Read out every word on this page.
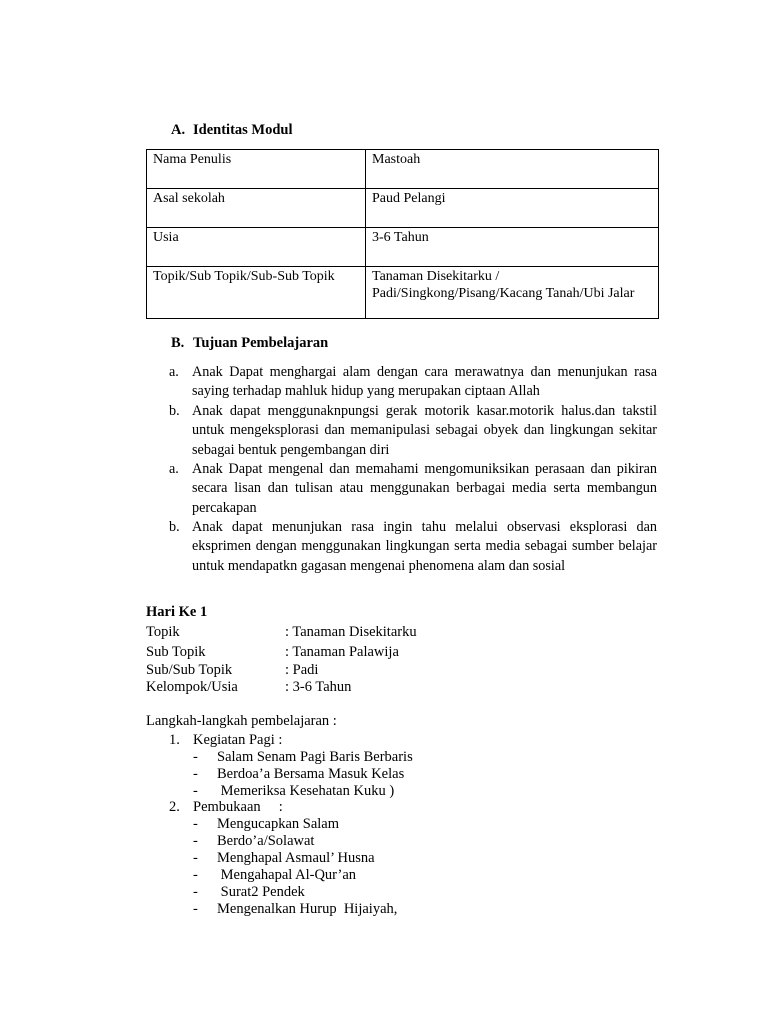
A. Identitas Modul
Nama Penulis	Mastoah
Asal sekolah	Paud Pelangi
Usia	3-6 Tahun
Topik/Sub Topik/Sub-Sub Topik	Tanaman Disekitarku / Padi/Singkong/Pisang/Kacang Tanah/Ubi Jalar
B. Tujuan Pembelajaran
a. Anak Dapat menghargai alam dengan cara merawatnya dan menunjukan rasa saying terhadap mahluk hidup yang merupakan ciptaan Allah
b. Anak dapat menggunaknpungsi gerak motorik kasar.motorik halus.dan takstil untuk mengeksplorasi dan memanipulasi sebagai obyek dan lingkungan sekitar sebagai bentuk pengembangan diri
a. Anak Dapat mengenal dan memahami mengomuniksikan perasaan dan pikiran secara lisan dan tulisan atau menggunakan berbagai media serta membangun percakapan
b. Anak dapat menunjukan rasa ingin tahu melalui observasi eksplorasi dan eksprimen dengan menggunakan lingkungan serta media sebagai sumber belajar untuk mendapatkn gagasan mengenai phenomena alam dan sosial
Hari Ke 1
Topik	: Tanaman Disekitarku
Sub Topik	: Tanaman Palawija
Sub/Sub Topik	: Padi
Kelompok/Usia	: 3-6 Tahun
Langkah-langkah pembelajaran :
1. Kegiatan Pagi :
- Salam Senam Pagi Baris Berbaris
- Berdoa’a Bersama Masuk Kelas
- Memeriksa Kesehatan Kuku )
2. Pembukaan     :
- Mengucapkan Salam
- Berdo’a/Solawat
- Menghapal Asmaul’ Husna
- Mengahapal Al-Qur’an
- Surat2 Pendek
- Mengenalkan Hurup  Hijaiyah,
